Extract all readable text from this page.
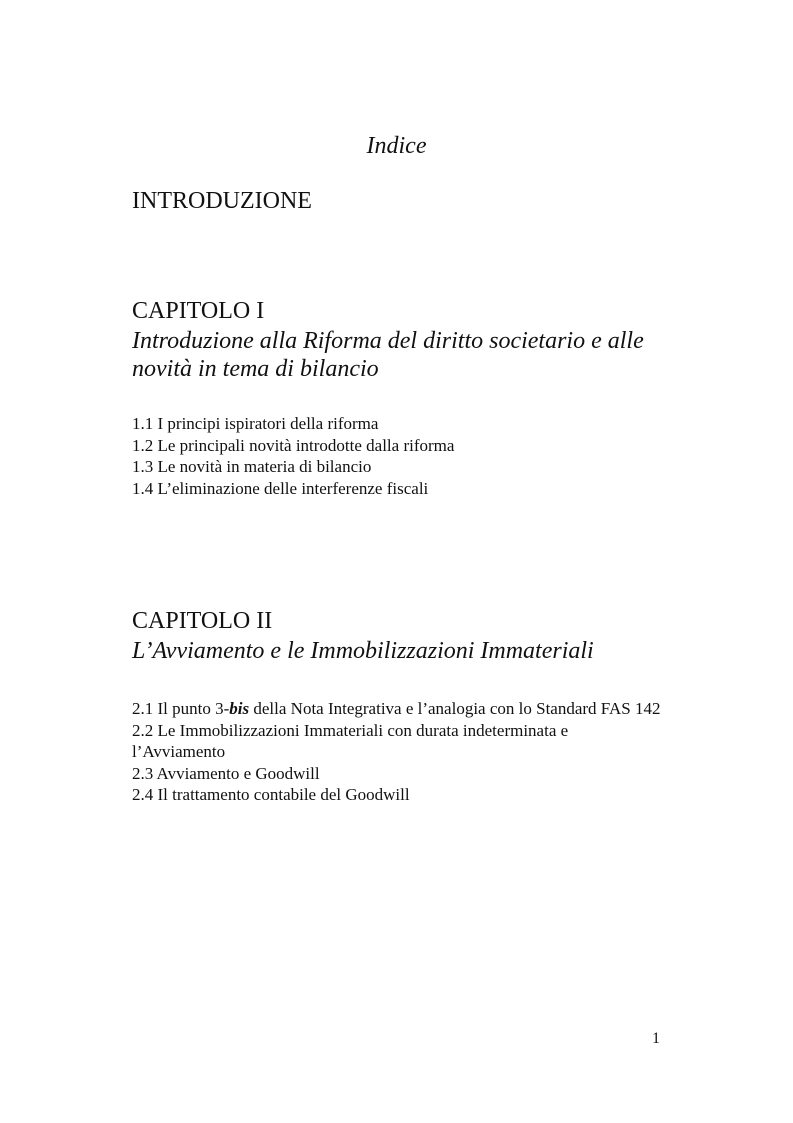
Indice
INTRODUZIONE
CAPITOLO I
Introduzione alla Riforma del diritto societario e alle
novità in tema di bilancio
1.1 I principi ispiratori della riforma
1.2 Le principali novità introdotte dalla riforma
1.3 Le novità in materia di bilancio
1.4 L’eliminazione delle interferenze fiscali
CAPITOLO II
L’Avviamento e le Immobilizzazioni Immateriali
2.1 Il punto 3-bis della Nota Integrativa e l’analogia con lo Standard FAS 142
2.2 Le Immobilizzazioni Immateriali con durata indeterminata e l’Avviamento
2.3 Avviamento e Goodwill
2.4 Il trattamento contabile del Goodwill
1
